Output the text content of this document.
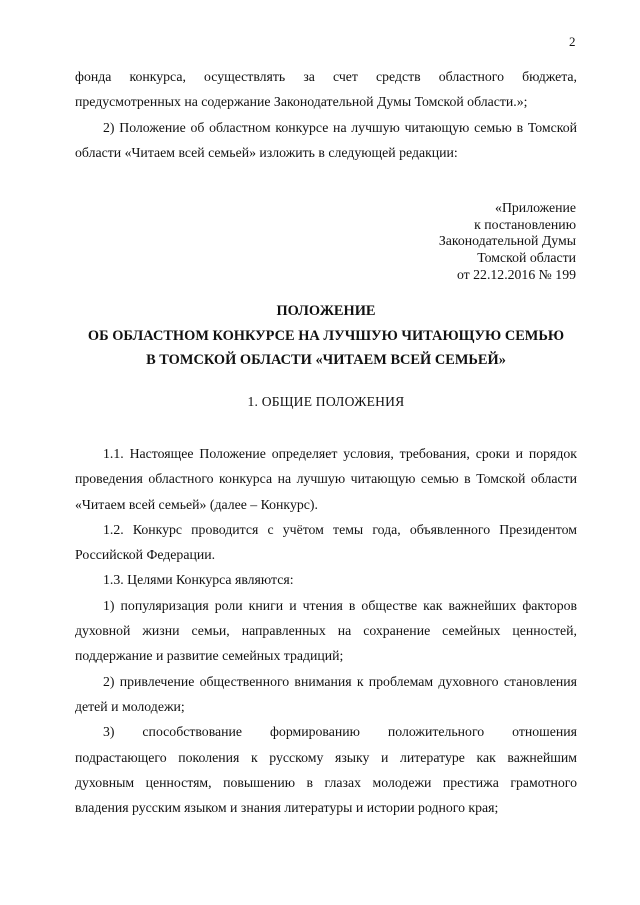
2

фонда конкурса, осуществлять за счет средств областного бюджета,

предусмотренных на содержание Законодательной Думы Томской области.»;

2) Положение об областном конкурсе на лучшую читающую семью в Томской

области «Читаем всей семьей» изложить в следующей редакции:

«Приложение
к постановлению
Законодательной Думы
Томской области
от 22.12.2016 № 199
ПОЛОЖЕНИЕ
ОБ ОБЛАСТНОМ КОНКУРСЕ НА ЛУЧШУЮ ЧИТАЮЩУЮ СЕМЬЮ
В ТОМСКОЙ ОБЛАСТИ «ЧИТАЕМ ВСЕЙ СЕМЬЕЙ»
1. ОБЩИЕ ПОЛОЖЕНИЯ

1.1. Настоящее Положение определяет условия, требования, сроки и порядок

проведения областного конкурса на лучшую читающую семью в Томской области

«Читаем всей семьей» (далее – Конкурс).

1.2. Конкурс проводится с учётом темы года, объявленного Президентом

Российской Федерации.

1.3. Целями Конкурса являются:

1) популяризация роли книги и чтения в обществе как важнейших факторов

духовной жизни семьи, направленных на сохранение семейных ценностей,

поддержание и развитие семейных традиций;

2) привлечение общественного внимания к проблемам духовного становления

детей и молодежи;

3) способствование формированию положительного отношения

подрастающего поколения к русскому языку и литературе как важнейшим

духовным ценностям, повышению в глазах молодежи престижа грамотного

владения русским языком и знания литературы и истории родного края;
